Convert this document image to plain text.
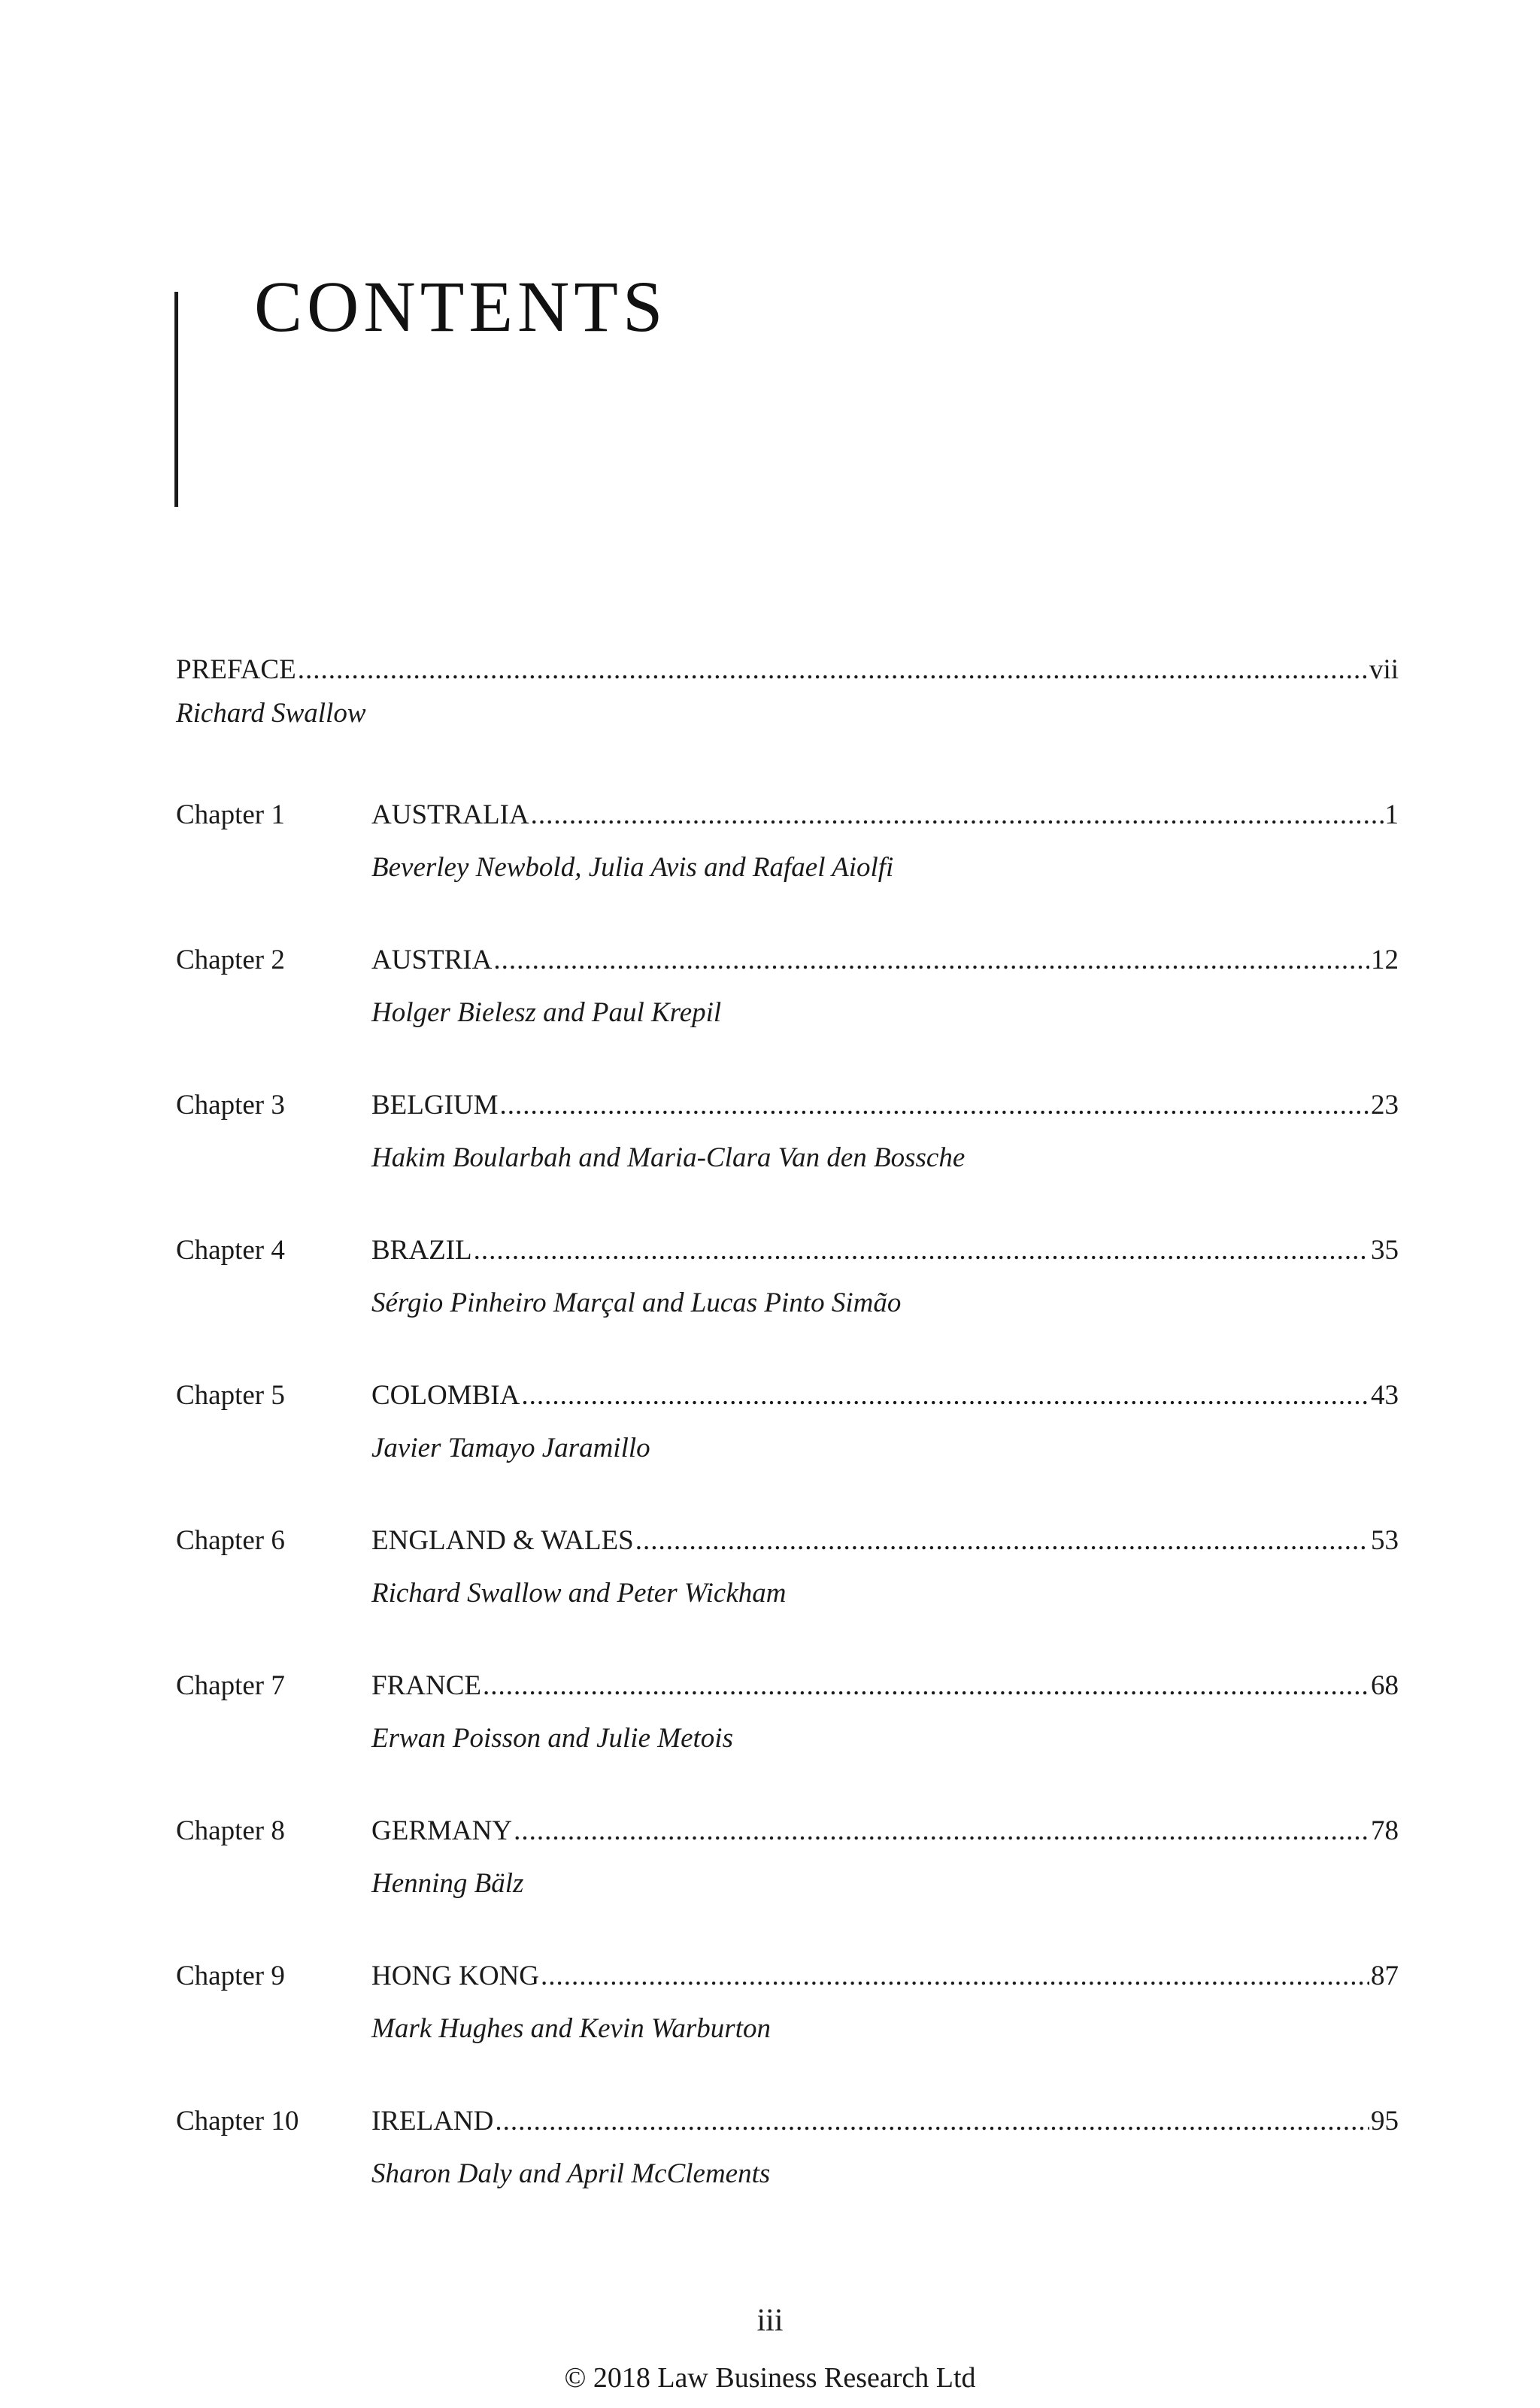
CONTENTS
PREFACE .....	vii
Richard Swallow
Chapter 1	AUSTRALIA .....	1
Beverley Newbold, Julia Avis and Rafael Aiolfi
Chapter 2	AUSTRIA .....	12
Holger Bielesz and Paul Krepil
Chapter 3	BELGIUM .....	23
Hakim Boularbah and Maria-Clara Van den Bossche
Chapter 4	BRAZIL .....	35
Sérgio Pinheiro Marçal and Lucas Pinto Simão
Chapter 5	COLOMBIA .....	43
Javier Tamayo Jaramillo
Chapter 6	ENGLAND & WALES .....	53
Richard Swallow and Peter Wickham
Chapter 7	FRANCE .....	68
Erwan Poisson and Julie Metois
Chapter 8	GERMANY .....	78
Henning Bälz
Chapter 9	HONG KONG .....	87
Mark Hughes and Kevin Warburton
Chapter 10	IRELAND .....	95
Sharon Daly and April McClements
iii
© 2018 Law Business Research Ltd
